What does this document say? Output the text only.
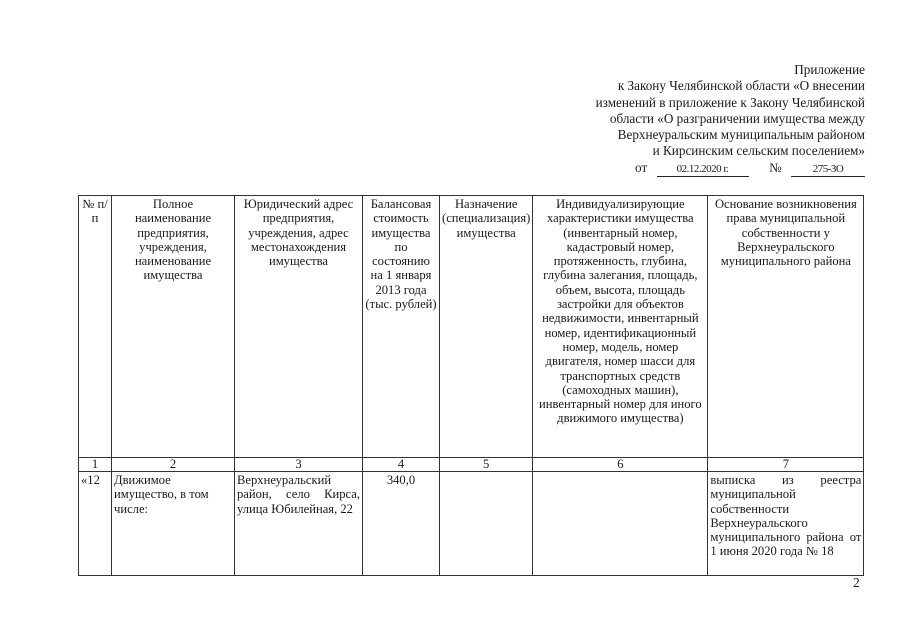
Приложение
к Закону Челябинской области «О внесении
изменений в приложение к Закону Челябинской
области «О разграничении имущества между
Верхнеуральским муниципальным районом
и Кирсинским сельским поселением»
от	02.12.2020 г.	№	275-ЗО
№ п/п	Полное наименование предприятия, учреждения, наименование имущества	Юридический адрес предприятия, учреждения, адрес местонахождения имущества	Балансовая стоимость имущества по состоянию на 1 января 2013 года (тыс. рублей)	Назначение (специализация) имущества	Индивидуализирующие характеристики имущества (инвентарный номер, кадастровый номер, протяженность, глубина, глубина залегания, площадь, объем, высота, площадь застройки для объектов недвижимости, инвентарный номер, идентификационный номер, модель, номер двигателя, номер шасси для транспортных средств (самоходных машин), инвентарный номер для иного движимого имущества)	Основание возникновения права муниципальной собственности у Верхнеуральского муниципального района
1	2	3	4	5	6	7
«12	Движимое имущество, в том числе:	Верхнеуральский район, село Кирса, улица Юбилейная, 22	340,0			выписка из реестра муниципальной собственности Верхнеуральского муниципального района от 1 июня 2020 года № 18
2
